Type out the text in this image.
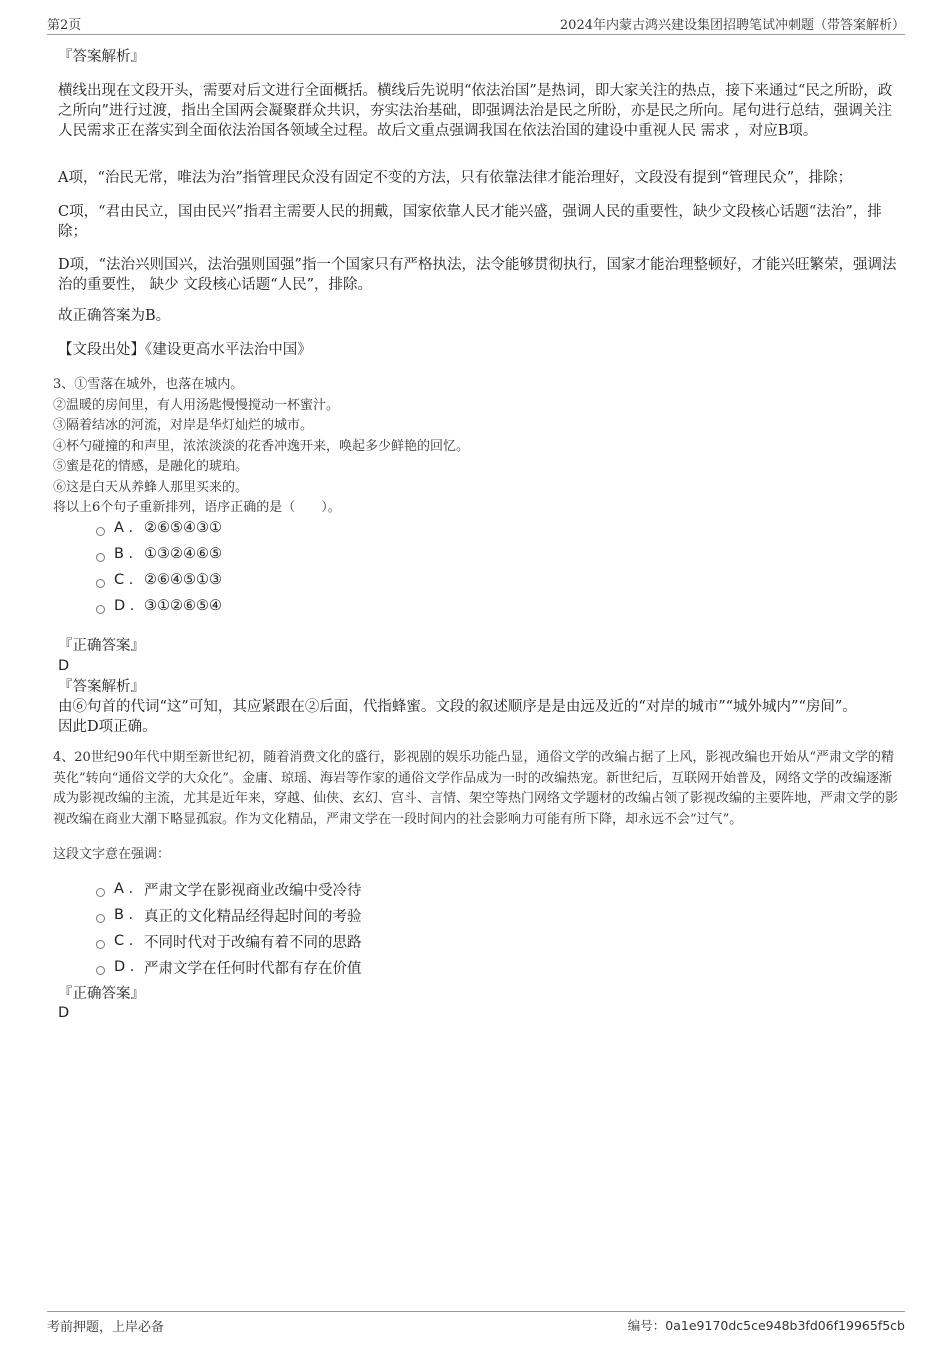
第2页	2024年内蒙古鸿兴建设集团招聘笔试冲刺题（带答案解析）
『答案解析』

横线出现在文段开头，需要对后文进行全面概括。横线后先说明“依法治国”是热词，即大家关注的热点，接下来通过“民之所盼，政之所向”进行过渡，指出全国两会凝聚群众共识，夯实法治基础，即强调法治是民之所盼，亦是民之所向。尾句进行总结，强调关注人民需求正在落实到全面依法治国各领域全过程。故后文重点强调我国在依法治国的建设中重视人民 需求 ，对应B项。

A项，“治民无常，唯法为治”指管理民众没有固定不变的方法，只有依靠法律才能治理好，文段没有提到“管理民众”，排除；
C项，“君由民立，国由民兴”指君主需要人民的拥戴，国家依靠人民才能兴盛，强调人民的重要性，缺少文段核心话题“法治”，排除；
D项，“法治兴则国兴，法治强则国强”指一个国家只有严格执法，法令能够贯彻执行，国家才能治理整顿好，才能兴旺繁荣，强调法治的重要性， 缺少 文段核心话题“人民”，排除。
故正确答案为B。
【文段出处】《建设更高水平法治中国》

3、①雪落在城外，也落在城内。

②温暖的房间里，有人用汤匙慢慢搅动一杯蜜汁。

③隔着结冰的河流，对岸是华灯灿烂的城市。

④杯勺碰撞的和声里，浓浓淡淡的花香冲逸开来，唤起多少鲜艳的回忆。

⑤蜜是花的情感，是融化的琥珀。

⑥这是白天从养蜂人那里买来的。

将以上6个句子重新排列，语序正确的是（　　）。

A . ②⑥⑤④③①
B . ①③②④⑥⑤
C . ②⑥④⑤①③
D . ③①②⑥⑤④
『正确答案』
D
『答案解析』

由⑥句首的代词“这”可知，其应紧跟在②后面，代指蜂蜜。文段的叙述顺序是是由远及近的“对岸的城市”“城外城内”“房间”。

因此D项正确。

4、20世纪90年代中期至新世纪初，随着消费文化的盛行，影视剧的娱乐功能凸显，通俗文学的改编占据了上风，影视改编也开始从“严肃文学的精英化”转向“通俗文学的大众化”。金庸、琼瑶、海岩等作家的通俗文学作品成为一时的改编热宠。新世纪后，互联网开始普及，网络文学的改编逐渐成为影视改编的主流，尤其是近年来，穿越、仙侠、玄幻、宫斗、言情、架空等热门网络文学题材的改编占领了影视改编的主要阵地，严肃文学的影视改编在商业大潮下略显孤寂。作为文化精品，严肃文学在一段时间内的社会影响力可能有所下降，却永远不会“过气”。

这段文字意在强调：
A . 严肃文学在影视商业改编中受冷待
B . 真正的文化精品经得起时间的考验
C . 不同时代对于改编有着不同的思路
D . 严肃文学在任何时代都有存在价值
『正确答案』
D
考前押题，上岸必备	编号：0a1e9170dc5ce948b3fd06f19965f5cb
